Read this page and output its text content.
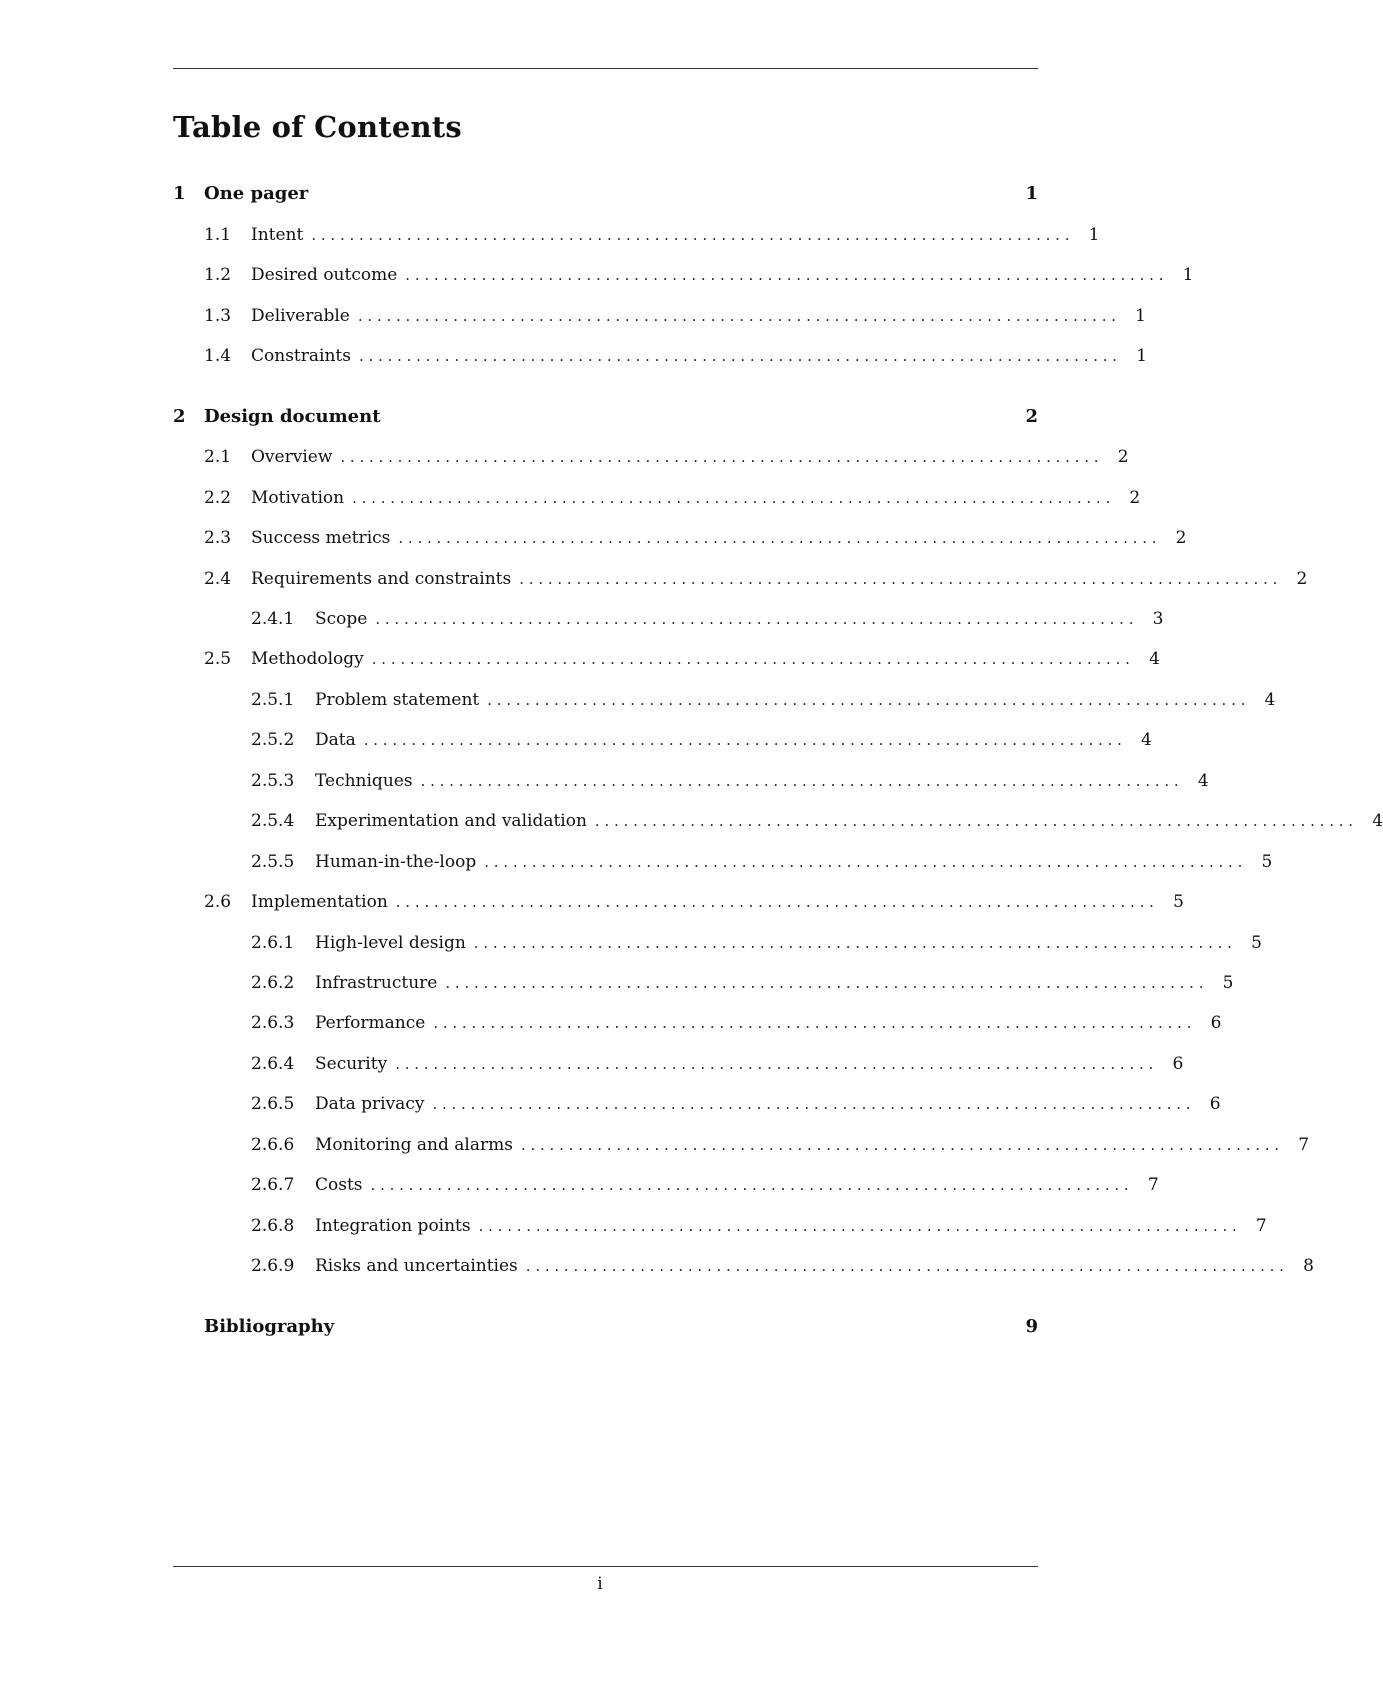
Table of Contents
1	One pager	1
1.1	Intent . . . . . . . . . . . . . . . . . . . . . . . . . . . . . . . . . . . . . . . . . . . . . . . . . . . . . . . . . . . . . . . . . . . . . . . . . . . . . . . . 1
1.2	Desired outcome . . . . . . . . . . . . . . . . . . . . . . . . . . . . . . . . . . . . . . . . . . . . . . . . . . . . . . . . . . . . . . . . . . . . . . . . . . . . . . . . 1
1.3	Deliverable . . . . . . . . . . . . . . . . . . . . . . . . . . . . . . . . . . . . . . . . . . . . . . . . . . . . . . . . . . . . . . . . . . . . . . . . . . . . . . . . 1
1.4	Constraints . . . . . . . . . . . . . . . . . . . . . . . . . . . . . . . . . . . . . . . . . . . . . . . . . . . . . . . . . . . . . . . . . . . . . . . . . . . . . . . . 1
2	Design document	2
2.1	Overview . . . . . . . . . . . . . . . . . . . . . . . . . . . . . . . . . . . . . . . . . . . . . . . . . . . . . . . . . . . . . . . . . . . . . . . . . . . . . . . . 2
2.2	Motivation . . . . . . . . . . . . . . . . . . . . . . . . . . . . . . . . . . . . . . . . . . . . . . . . . . . . . . . . . . . . . . . . . . . . . . . . . . . . . . . . 2
2.3	Success metrics . . . . . . . . . . . . . . . . . . . . . . . . . . . . . . . . . . . . . . . . . . . . . . . . . . . . . . . . . . . . . . . . . . . . . . . . . . . . . . . . 2
2.4	Requirements and constraints . . . . . . . . . . . . . . . . . . . . . . . . . . . . . . . . . . . . . . . . . . . . . . . . . . . . . . . . . . . . . . . . . . . . . . . . . . . . . . . . 2
2.4.1	Scope . . . . . . . . . . . . . . . . . . . . . . . . . . . . . . . . . . . . . . . . . . . . . . . . . . . . . . . . . . . . . . . . . . . . . . . . . . . . . . . . 3
2.5	Methodology . . . . . . . . . . . . . . . . . . . . . . . . . . . . . . . . . . . . . . . . . . . . . . . . . . . . . . . . . . . . . . . . . . . . . . . . . . . . . . . . 4
2.5.1	Problem statement . . . . . . . . . . . . . . . . . . . . . . . . . . . . . . . . . . . . . . . . . . . . . . . . . . . . . . . . . . . . . . . . . . . . . . . . . . . . . . . . 4
2.5.2	Data . . . . . . . . . . . . . . . . . . . . . . . . . . . . . . . . . . . . . . . . . . . . . . . . . . . . . . . . . . . . . . . . . . . . . . . . . . . . . . . . 4
2.5.3	Techniques . . . . . . . . . . . . . . . . . . . . . . . . . . . . . . . . . . . . . . . . . . . . . . . . . . . . . . . . . . . . . . . . . . . . . . . . . . . . . . . . 4
2.5.4	Experimentation and validation . . . . . . . . . . . . . . . . . . . . . . . . . . . . . . . . . . . . . . . . . . . . . . . . . . . . . . . . . . . . . . . . . . . . . . . . . . . . . . . . 4
2.5.5	Human-in-the-loop . . . . . . . . . . . . . . . . . . . . . . . . . . . . . . . . . . . . . . . . . . . . . . . . . . . . . . . . . . . . . . . . . . . . . . . . . . . . . . . . 5
2.6	Implementation . . . . . . . . . . . . . . . . . . . . . . . . . . . . . . . . . . . . . . . . . . . . . . . . . . . . . . . . . . . . . . . . . . . . . . . . . . . . . . . . 5
2.6.1	High-level design . . . . . . . . . . . . . . . . . . . . . . . . . . . . . . . . . . . . . . . . . . . . . . . . . . . . . . . . . . . . . . . . . . . . . . . . . . . . . . . . 5
2.6.2	Infrastructure . . . . . . . . . . . . . . . . . . . . . . . . . . . . . . . . . . . . . . . . . . . . . . . . . . . . . . . . . . . . . . . . . . . . . . . . . . . . . . . . 5
2.6.3	Performance . . . . . . . . . . . . . . . . . . . . . . . . . . . . . . . . . . . . . . . . . . . . . . . . . . . . . . . . . . . . . . . . . . . . . . . . . . . . . . . . 6
2.6.4	Security . . . . . . . . . . . . . . . . . . . . . . . . . . . . . . . . . . . . . . . . . . . . . . . . . . . . . . . . . . . . . . . . . . . . . . . . . . . . . . . . 6
2.6.5	Data privacy . . . . . . . . . . . . . . . . . . . . . . . . . . . . . . . . . . . . . . . . . . . . . . . . . . . . . . . . . . . . . . . . . . . . . . . . . . . . . . . . 6
2.6.6	Monitoring and alarms . . . . . . . . . . . . . . . . . . . . . . . . . . . . . . . . . . . . . . . . . . . . . . . . . . . . . . . . . . . . . . . . . . . . . . . . . . . . . . . . 7
2.6.7	Costs . . . . . . . . . . . . . . . . . . . . . . . . . . . . . . . . . . . . . . . . . . . . . . . . . . . . . . . . . . . . . . . . . . . . . . . . . . . . . . . . 7
2.6.8	Integration points . . . . . . . . . . . . . . . . . . . . . . . . . . . . . . . . . . . . . . . . . . . . . . . . . . . . . . . . . . . . . . . . . . . . . . . . . . . . . . . . 7
2.6.9	Risks and uncertainties . . . . . . . . . . . . . . . . . . . . . . . . . . . . . . . . . . . . . . . . . . . . . . . . . . . . . . . . . . . . . . . . . . . . . . . . . . . . . . . . 8
Bibliography	9
i
